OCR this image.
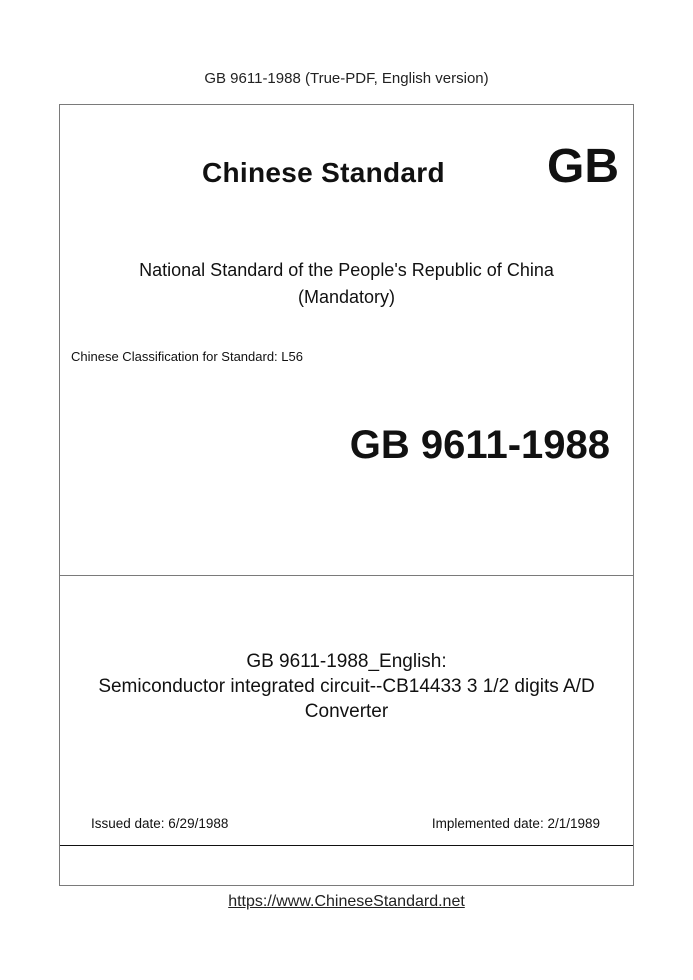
GB 9611-1988 (True-PDF, English version)
Chinese Standard GB
National Standard of the People's Republic of China
(Mandatory)
Chinese Classification for Standard: L56
GB 9611-1988
GB 9611-1988_English:
Semiconductor integrated circuit--CB14433 3 1/2 digits A/D
Converter
Issued date: 6/29/1988	Implemented date: 2/1/1989
https://www.ChineseStandard.net
